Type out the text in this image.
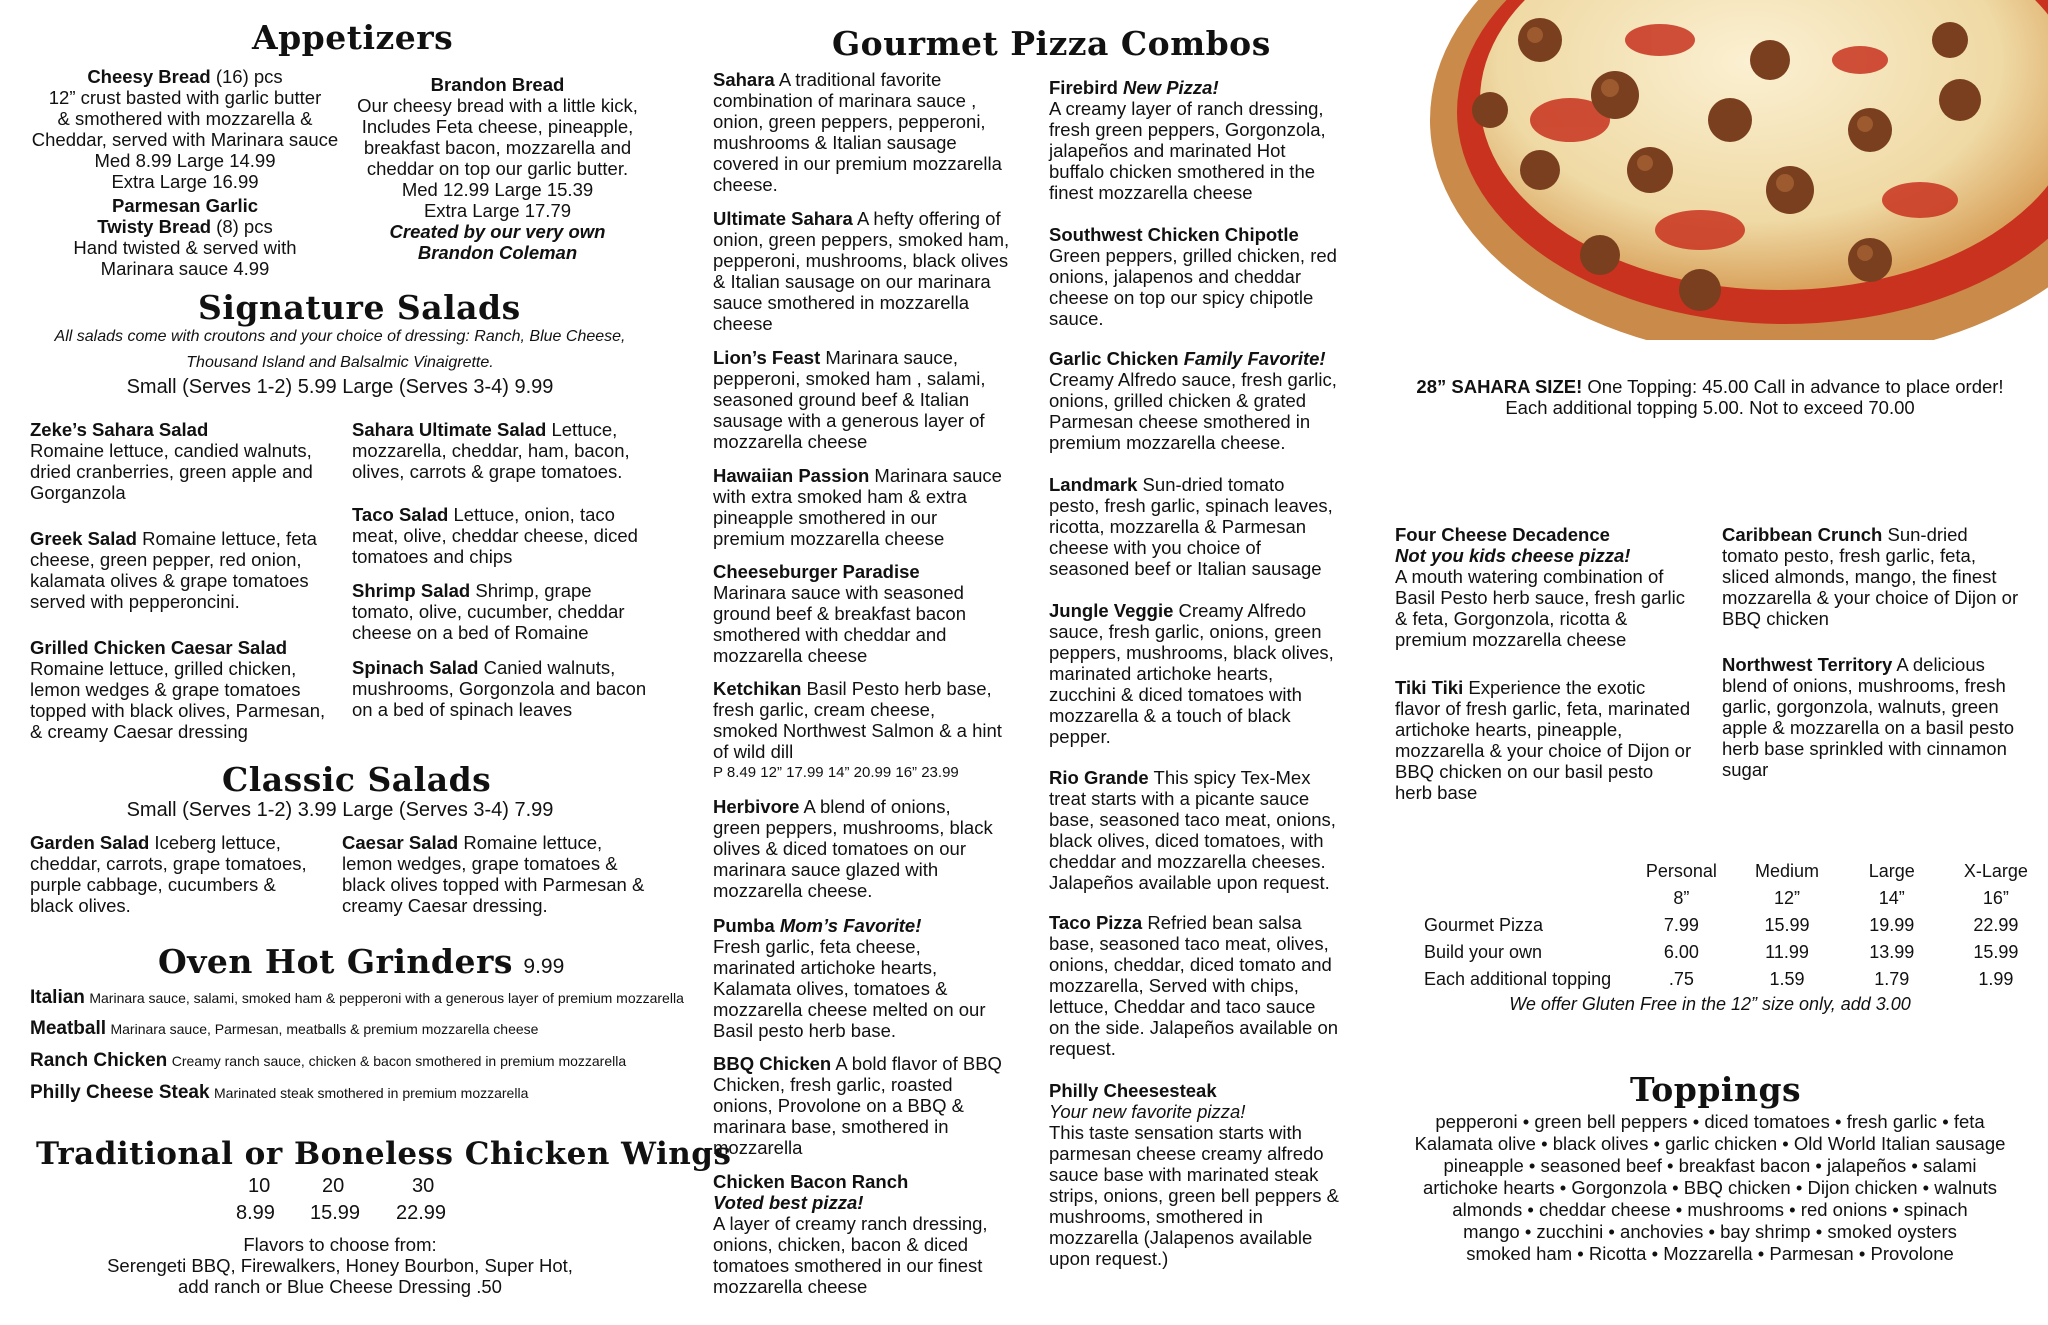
Appetizers
Cheesy Bread (16) pcs
12” crust basted with garlic butter
& smothered with mozzarella &
Cheddar, served with Marinara sauce
Med 8.99 Large 14.99
Extra Large 16.99
Parmesan Garlic
Twisty Bread (8) pcs
Hand twisted & served with
Marinara sauce 4.99
Brandon Bread
Our cheesy bread with a little kick,
Includes Feta cheese, pineapple,
breakfast bacon, mozzarella and
cheddar on top our garlic butter.
Med 12.99 Large 15.39
Extra Large 17.79
Created by our very own
Brandon Coleman
Signature Salads
All salads come with croutons and your choice of dressing: Ranch, Blue Cheese,
Thousand Island and Balsalmic Vinaigrette.
Small (Serves 1-2) 5.99 Large (Serves 3-4) 9.99
Zeke’s Sahara Salad
Romaine lettuce, candied walnuts, dried cranberries, green apple and Gorganzola
Greek Salad Romaine lettuce, feta cheese, green pepper, red onion, kalamata olives & grape tomatoes served with pepperoncini.
Grilled Chicken Caesar Salad
Romaine lettuce, grilled chicken, lemon wedges & grape tomatoes topped with black olives, Parmesan, & creamy Caesar dressing
Sahara Ultimate Salad Lettuce, mozzarella, cheddar, ham, bacon, olives, carrots & grape tomatoes.
Taco Salad Lettuce, onion, taco meat, olive, cheddar cheese, diced tomatoes and chips
Shrimp Salad Shrimp, grape tomato, olive, cucumber, cheddar cheese on a bed of Romaine
Spinach Salad Canied walnuts, mushrooms, Gorgonzola and bacon on a bed of spinach leaves
Classic Salads
Small (Serves 1-2) 3.99 Large (Serves 3-4) 7.99
Garden Salad Iceberg lettuce, cheddar, carrots, grape tomatoes, purple cabbage, cucumbers & black olives.
Caesar Salad Romaine lettuce, lemon wedges, grape tomatoes & black olives topped with Parmesan & creamy Caesar dressing.
Oven Hot Grinders 9.99
Italian Marinara sauce, salami, smoked ham & pepperoni with a generous layer of premium mozzarella
Meatball Marinara sauce, Parmesan, meatballs & premium mozzarella cheese
Ranch Chicken Creamy ranch sauce, chicken & bacon smothered in premium mozzarella
Philly Cheese Steak Marinated steak smothered in premium mozzarella
Traditional or Boneless Chicken Wings
10	20	30
8.99 15.99 22.99
Flavors to choose from:
Serengeti BBQ, Firewalkers, Honey Bourbon, Super Hot,
add ranch or Blue Cheese Dressing .50
Gourmet Pizza Combos
Sahara A traditional favorite combination of marinara sauce , onion, green peppers, pepperoni, mushrooms & Italian sausage covered in our premium mozzarella cheese.
Ultimate Sahara A hefty offering of onion, green peppers, smoked ham, pepperoni, mushrooms, black olives & Italian sausage on our marinara sauce smothered in mozzarella cheese
Lion’s Feast Marinara sauce, pepperoni, smoked ham , salami, seasoned ground beef & Italian sausage with a generous layer of mozzarella cheese
Hawaiian Passion Marinara sauce with extra smoked ham & extra pineapple smothered in our premium mozzarella cheese
Cheeseburger Paradise
Marinara sauce with seasoned ground beef & breakfast bacon smothered with cheddar and mozzarella cheese
Ketchikan Basil Pesto herb base, fresh garlic, cream cheese, smoked Northwest Salmon & a hint of wild dill
P 8.49 12” 17.99 14” 20.99 16” 23.99
Herbivore A blend of onions, green peppers, mushrooms, black olives & diced tomatoes on our marinara sauce glazed with mozzarella cheese.
Pumba Mom’s Favorite!
Fresh garlic, feta cheese, marinated artichoke hearts, Kalamata olives, tomatoes & mozzarella cheese melted on our Basil pesto herb base.
BBQ Chicken A bold flavor of BBQ Chicken, fresh garlic, roasted onions, Provolone on a BBQ & marinara base, smothered in mozzarella
Chicken Bacon Ranch
Voted best pizza!
A layer of creamy ranch dressing, onions, chicken, bacon & diced tomatoes smothered in our finest mozzarella cheese
Firebird New Pizza!
A creamy layer of ranch dressing, fresh green peppers, Gorgonzola, jalapeños and marinated Hot buffalo chicken smothered in the finest mozzarella cheese
Southwest Chicken Chipotle
Green peppers, grilled chicken, red onions, jalapenos and cheddar cheese on top our spicy chipotle sauce.
Garlic Chicken Family Favorite!
Creamy Alfredo sauce, fresh garlic, onions, grilled chicken & grated Parmesan cheese smothered in premium mozzarella cheese.
Landmark Sun-dried tomato pesto, fresh garlic, spinach leaves, ricotta, mozzarella & Parmesan cheese with you choice of seasoned beef or Italian sausage
Jungle Veggie Creamy Alfredo sauce, fresh garlic, onions, green peppers, mushrooms, black olives, marinated artichoke hearts, zucchini & diced tomatoes with mozzarella & a touch of black pepper.
Rio Grande This spicy Tex-Mex treat starts with a picante sauce base, seasoned taco meat, onions, black olives, diced tomatoes, with cheddar and mozzarella cheeses. Jalapeños available upon request.
Taco Pizza Refried bean salsa base, seasoned taco meat, olives, onions, cheddar, diced tomato and mozzarella, Served with chips, lettuce, Cheddar and taco sauce on the side. Jalapeños available on request.
Philly Cheesesteak
Your new favorite pizza!
This taste sensation starts with parmesan cheese creamy alfredo sauce base with marinated steak strips, onions, green bell peppers & mushrooms, smothered in mozzarella (Jalapenos available upon request.)
28” SAHARA SIZE! One Topping: 45.00 Call in advance to place order!
Each additional topping 5.00. Not to exceed 70.00
Four Cheese Decadence
Not you kids cheese pizza!
A mouth watering combination of Basil Pesto herb sauce, fresh garlic & feta, Gorgonzola, ricotta & premium mozzarella cheese
Tiki Tiki Experience the exotic flavor of fresh garlic, feta, marinated artichoke hearts, pineapple, mozzarella & your choice of Dijon or BBQ chicken on our basil pesto herb base
Caribbean Crunch Sun-dried tomato pesto, fresh garlic, feta, sliced almonds, mango, the finest mozzarella & your choice of Dijon or BBQ chicken
Northwest Territory A delicious blend of onions, mushrooms, fresh garlic, gorgonzola, walnuts, green apple & mozzarella on a basil pesto herb base sprinkled with cinnamon sugar
	Personal	Medium	Large	X-Large
	8”	12”	14”	16”
Gourmet Pizza	7.99	15.99	19.99	22.99
Build your own	6.00	11.99	13.99	15.99
Each additional topping	.75	1.59	1.79	1.99
We offer Gluten Free in the 12” size only, add 3.00
Toppings
pepperoni • green bell peppers • diced tomatoes • fresh garlic • feta
Kalamata olive • black olives • garlic chicken • Old World Italian sausage
pineapple • seasoned beef • breakfast bacon • jalapeños • salami
artichoke hearts • Gorgonzola • BBQ chicken • Dijon chicken • walnuts
almonds • cheddar cheese • mushrooms • red onions • spinach
mango • zucchini • anchovies • bay shrimp • smoked oysters
smoked ham • Ricotta • Mozzarella • Parmesan • Provolone
